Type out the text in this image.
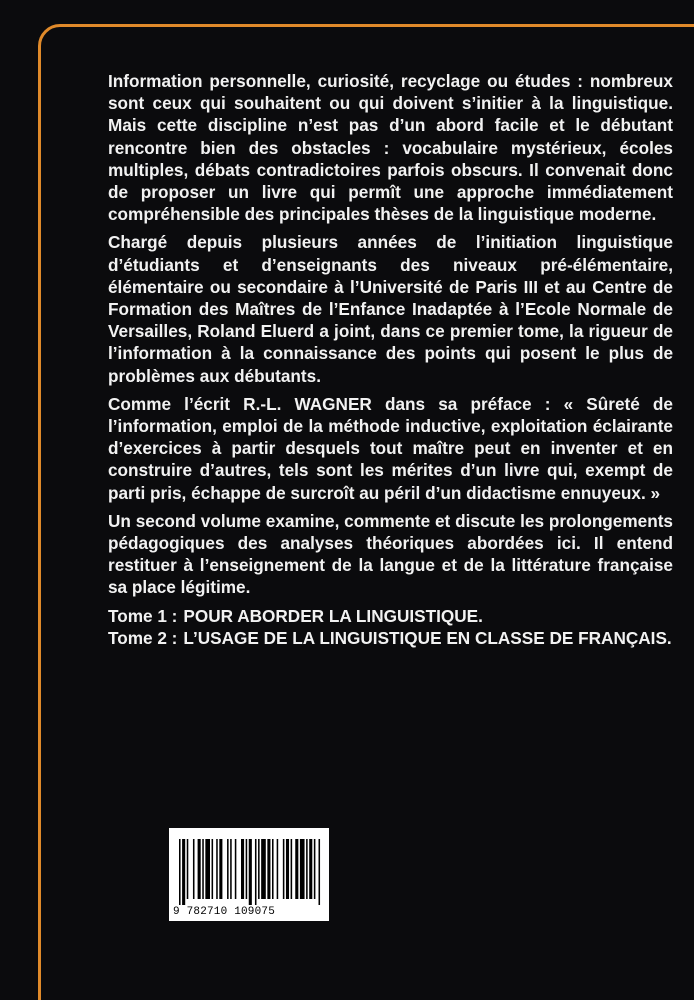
Information personnelle, curiosité, recyclage ou études : nombreux sont ceux qui souhaitent ou qui doivent s’initier à la linguistique. Mais cette discipline n’est pas d’un abord facile et le débutant rencontre bien des obstacles : vocabulaire mystérieux, écoles multiples, débats contradictoires parfois obscurs. Il convenait donc de proposer un livre qui permît une approche immédiatement compréhensible des principales thèses de la linguistique moderne.

Chargé depuis plusieurs années de l’initiation linguistique d’étudiants et d’enseignants des niveaux pré-élémentaire, élémentaire ou secondaire à l’Université de Paris III et au Centre de Formation des Maîtres de l’Enfance Inadaptée à l’Ecole Normale de Versailles, Roland Eluerd a joint, dans ce premier tome, la rigueur de l’information à la connaissance des points qui posent le plus de problèmes aux débutants.

Comme l’écrit R.-L. WAGNER dans sa préface : « Sûreté de l’information, emploi de la méthode inductive, exploitation éclairante d’exercices à partir desquels tout maître peut en inventer et en construire d’autres, tels sont les mérites d’un livre qui, exempt de parti pris, échappe de surcroît au péril d’un didactisme ennuyeux. »

Un second volume examine, commente et discute les prolongements pédagogiques des analyses théoriques abordées ici. Il entend restituer à l’enseignement de la langue et de la littérature française sa place légitime.

Tome 1 : POUR ABORDER LA LINGUISTIQUE.
Tome 2 : L’USAGE DE LA LINGUISTIQUE EN CLASSE DE FRANÇAIS.
9 782710 109075
